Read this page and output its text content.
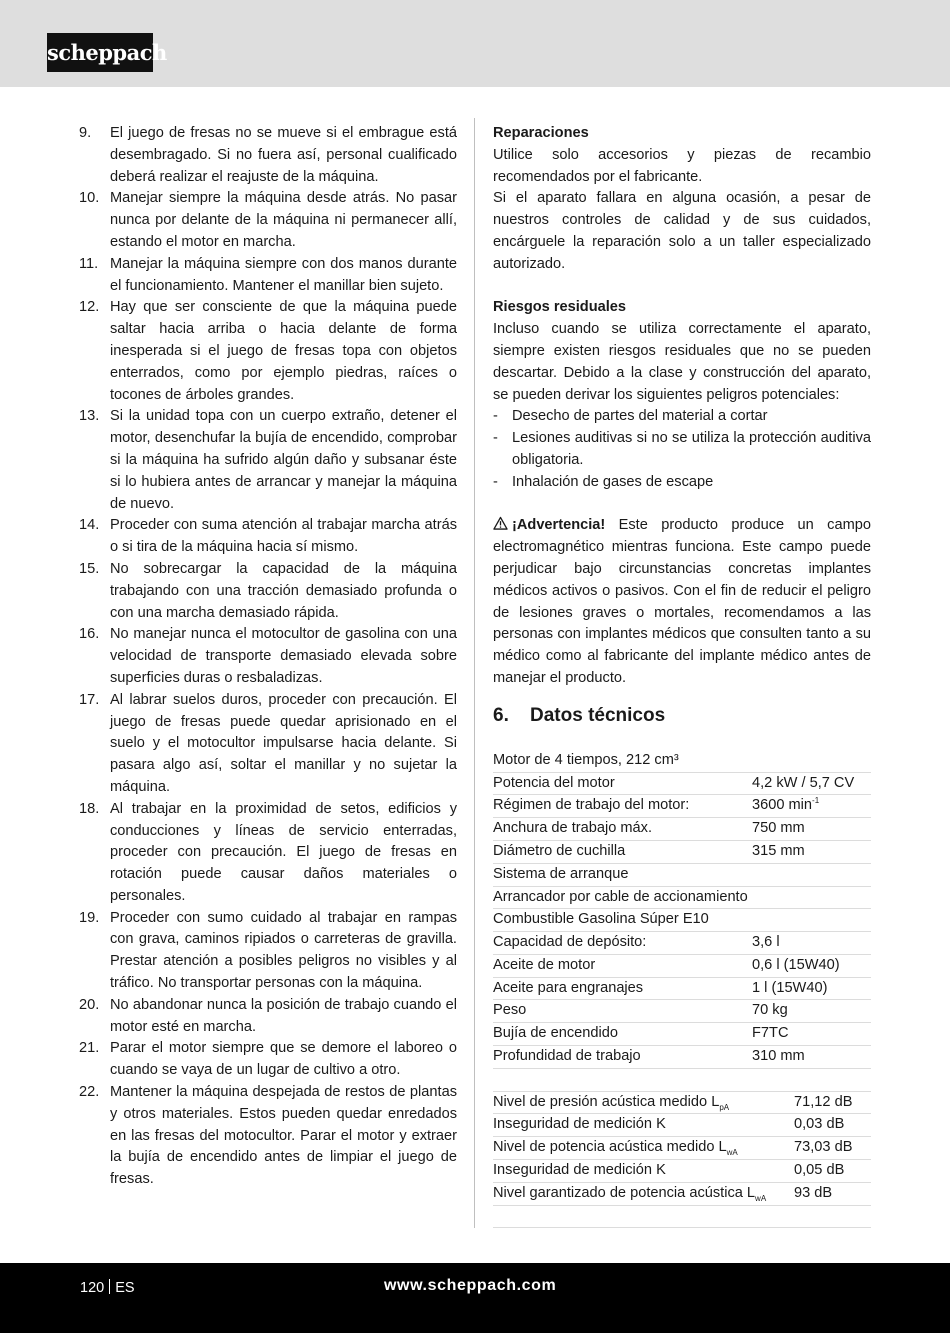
scheppach
9.	El juego de fresas no se mueve si el embrague está desembragado. Si no fuera así, personal cualificado deberá realizar el reajuste de la máquina.
10. Manejar siempre la máquina desde atrás. No pasar nunca por delante de la máquina ni permanecer allí, estando el motor en marcha.
11. Manejar la máquina siempre con dos manos durante el funcionamiento. Mantener el manillar bien sujeto.
12. Hay que ser consciente de que la máquina puede saltar hacia arriba o hacia delante de forma inesperada si el juego de fresas topa con objetos enterrados, como por ejemplo piedras, raíces o tocones de árboles grandes.
13. Si la unidad topa con un cuerpo extraño, detener el motor, desenchufar la bujía de encendido, comprobar si la máquina ha sufrido algún daño y subsanar éste si lo hubiera antes de arrancar y manejar la máquina de nuevo.
14. Proceder con suma atención al trabajar marcha atrás o si tira de la máquina hacia sí mismo.
15. No sobrecargar la capacidad de la máquina trabajando con una tracción demasiado profunda o con una marcha demasiado rápida.
16. No manejar nunca el motocultor de gasolina con una velocidad de transporte demasiado elevada sobre superficies duras o resbaladizas.
17. Al labrar suelos duros, proceder con precaución. El juego de fresas puede quedar aprisionado en el suelo y el motocultor impulsarse hacia delante. Si pasara algo así, soltar el manillar y no sujetar la máquina.
18. Al trabajar en la proximidad de setos, edificios y conducciones y líneas de servicio enterradas, proceder con precaución. El juego de fresas en rotación puede causar daños materiales o personales.
19. Proceder con sumo cuidado al trabajar en rampas con grava, caminos ripiados o carreteras de gravilla. Prestar atención a posibles peligros no visibles y al tráfico. No transportar personas con la máquina.
20. No abandonar nunca la posición de trabajo cuando el motor esté en marcha.
21. Parar el motor siempre que se demore el laboreo o cuando se vaya de un lugar de cultivo a otro.
22. Mantener la máquina despejada de restos de plantas y otros materiales. Estos pueden quedar enredados en las fresas del motocultor. Parar el motor y extraer la bujía de encendido antes de limpiar el juego de fresas.
Reparaciones

Utilice solo accesorios y piezas de recambio recomendados por el fabricante.

Si el aparato fallara en alguna ocasión, a pesar de nuestros controles de calidad y de sus cuidados, encárguele la reparación solo a un taller especializado autorizado.

Riesgos residuales

Incluso cuando se utiliza correctamente el aparato, siempre existen riesgos residuales que no se pueden descartar. Debido a la clase y construcción del aparato, se pueden derivar los siguientes peligros potenciales:

- Desecho de partes del material a cortar
- Lesiones auditivas si no se utiliza la protección auditiva obligatoria.
- Inhalación de gases de escape

¡Advertencia! Este producto produce un campo electromagnético mientras funciona. Este campo puede perjudicar bajo circunstancias concretas implantes médicos activos o pasivos. Con el fin de reducir el peligro de lesiones graves o mortales, recomendamos a las personas con implantes médicos que consulten tanto a su médico como al fabricante del implante médico antes de manejar el producto.

6. Datos técnicos
Motor de 4 tiempos, 212 cm³
Potencia del motor	4,2 kW / 5,7 CV
Régimen de trabajo del motor:	3600 $\min^{-1}$
Anchura de trabajo máx.	750 mm
Diámetro de cuchilla	315 mm
Sistema de arranque
Arrancador por cable de accionamiento
Combustible Gasolina Súper E10
Capacidad de depósito:	3,6 l
Aceite de motor	0,6 l (15W40)
Aceite para engranajes	1 l (15W40)
Peso	70 kg
Bujía de encendido	F7TC
Profundidad de trabajo	310 mm
Nivel de presión acústica medido $L_{pA}$	71,12 dB
Inseguridad de medición K	0,03 dB
Nivel de potencia acústica medido $L_{wA}$	73,03 dB
Inseguridad de medición K	0,05 dB
Nivel garantizado de potencia acústica $L_{wA}$	93 dB
120 ES	www.scheppach.com
